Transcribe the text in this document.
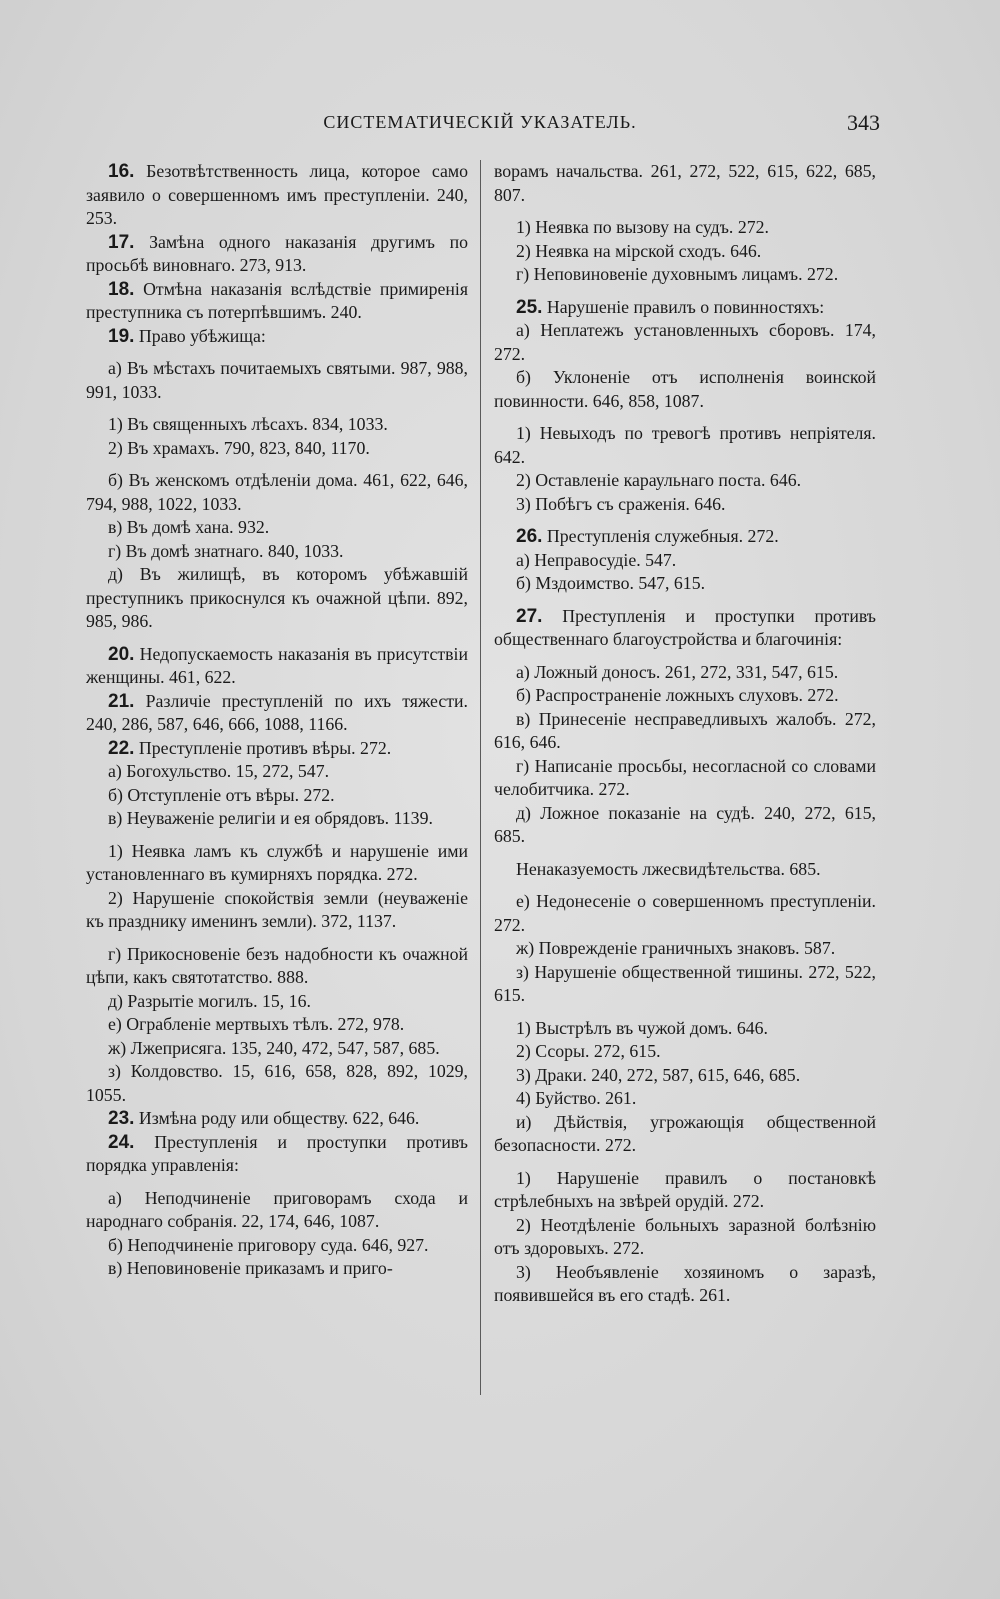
СИСТЕМАТИЧЕСКІЙ УКАЗАТЕЛЬ.	343

16. Безотвѣтственность лица, которое само заявило о совершенномъ имъ преступленіи. 240, 253.

17. Замѣна одного наказанія другимъ по просьбѣ виновнаго. 273, 913.

18. Отмѣна наказанія вслѣдствіе примиренія преступника съ потерпѣвшимъ. 240.

19. Право убѣжища:

а) Въ мѣстахъ почитаемыхъ святыми. 987, 988, 991, 1033.

1) Въ священныхъ лѣсахъ. 834, 1033.

2) Въ храмахъ. 790, 823, 840, 1170.

б) Въ женскомъ отдѣленіи дома. 461, 622, 646, 794, 988, 1022, 1033.

в) Въ домѣ хана. 932.

г) Въ домѣ знатнаго. 840, 1033.

д) Въ жилищѣ, въ которомъ убѣжавшій преступникъ прикоснулся къ очажной цѣпи. 892, 985, 986.

20. Недопускаемость наказанія въ присутствіи женщины. 461, 622.

21. Различіе преступленій по ихъ тяжести. 240, 286, 587, 646, 666, 1088, 1166.

22. Преступленіе противъ вѣры. 272.

а) Богохульство. 15, 272, 547.

б) Отступленіе отъ вѣры. 272.

в) Неуваженіе религіи и ея обрядовъ. 1139.

1) Неявка ламъ къ службѣ и нарушеніе ими установленнаго въ кумирняхъ порядка. 272.

2) Нарушеніе спокойствія земли (неуваженіе къ празднику именинъ земли). 372, 1137.

г) Прикосновеніе безъ надобности къ очажной цѣпи, какъ святотатство. 888.

д) Разрытіе могилъ. 15, 16.

е) Ограбленіе мертвыхъ тѣлъ. 272, 978.

ж) Лжеприсяга. 135, 240, 472, 547, 587, 685.

з) Колдовство. 15, 616, 658, 828, 892, 1029, 1055.

23. Измѣна роду или обществу. 622, 646.

24. Преступленія и проступки противъ порядка управленія:

а) Неподчиненіе приговорамъ схода и народнаго собранія. 22, 174, 646, 1087.

б) Неподчиненіе приговору суда. 646, 927.

в) Неповиновеніе приказамъ и приго-

ворамъ начальства. 261, 272, 522, 615, 622, 685, 807.

1) Неявка по вызову на судъ. 272.

2) Неявка на мірской сходъ. 646.

г) Неповиновеніе духовнымъ лицамъ. 272.

25. Нарушеніе правилъ о повинностяхъ:

а) Неплатежъ установленныхъ сборовъ. 174, 272.

б) Уклоненіе отъ исполненія воинской повинности. 646, 858, 1087.

1) Невыходъ по тревогѣ противъ непріятеля. 642.

2) Оставленіе караульнаго поста. 646.

3) Побѣгъ съ сраженія. 646.

26. Преступленія служебныя. 272.

а) Неправосудіе. 547.

б) Мздоимство. 547, 615.

27. Преступленія и проступки противъ общественнаго благоустройства и благочинія:

а) Ложный доносъ. 261, 272, 331, 547, 615.

б) Распространеніе ложныхъ слуховъ. 272.

в) Принесеніе несправедливыхъ жалобъ. 272, 616, 646.

г) Написаніе просьбы, несогласной со словами челобитчика. 272.

д) Ложное показаніе на судѣ. 240, 272, 615, 685.

Ненаказуемость лжесвидѣтельства. 685.

е) Недонесеніе о совершенномъ преступленіи. 272.

ж) Поврежденіе граничныхъ знаковъ. 587.

з) Нарушеніе общественной тишины. 272, 522, 615.

1) Выстрѣлъ въ чужой домъ. 646.

2) Ссоры. 272, 615.

3) Драки. 240, 272, 587, 615, 646, 685.

4) Буйство. 261.

и) Дѣйствія, угрожающія общественной безопасности. 272.

1) Нарушеніе правилъ о постановкѣ стрѣлебныхъ на звѣрей орудій. 272.

2) Неотдѣленіе больныхъ заразной болѣзнію отъ здоровыхъ. 272.

3) Необъявленіе хозяиномъ о заразѣ, появившейся въ его стадѣ. 261.
